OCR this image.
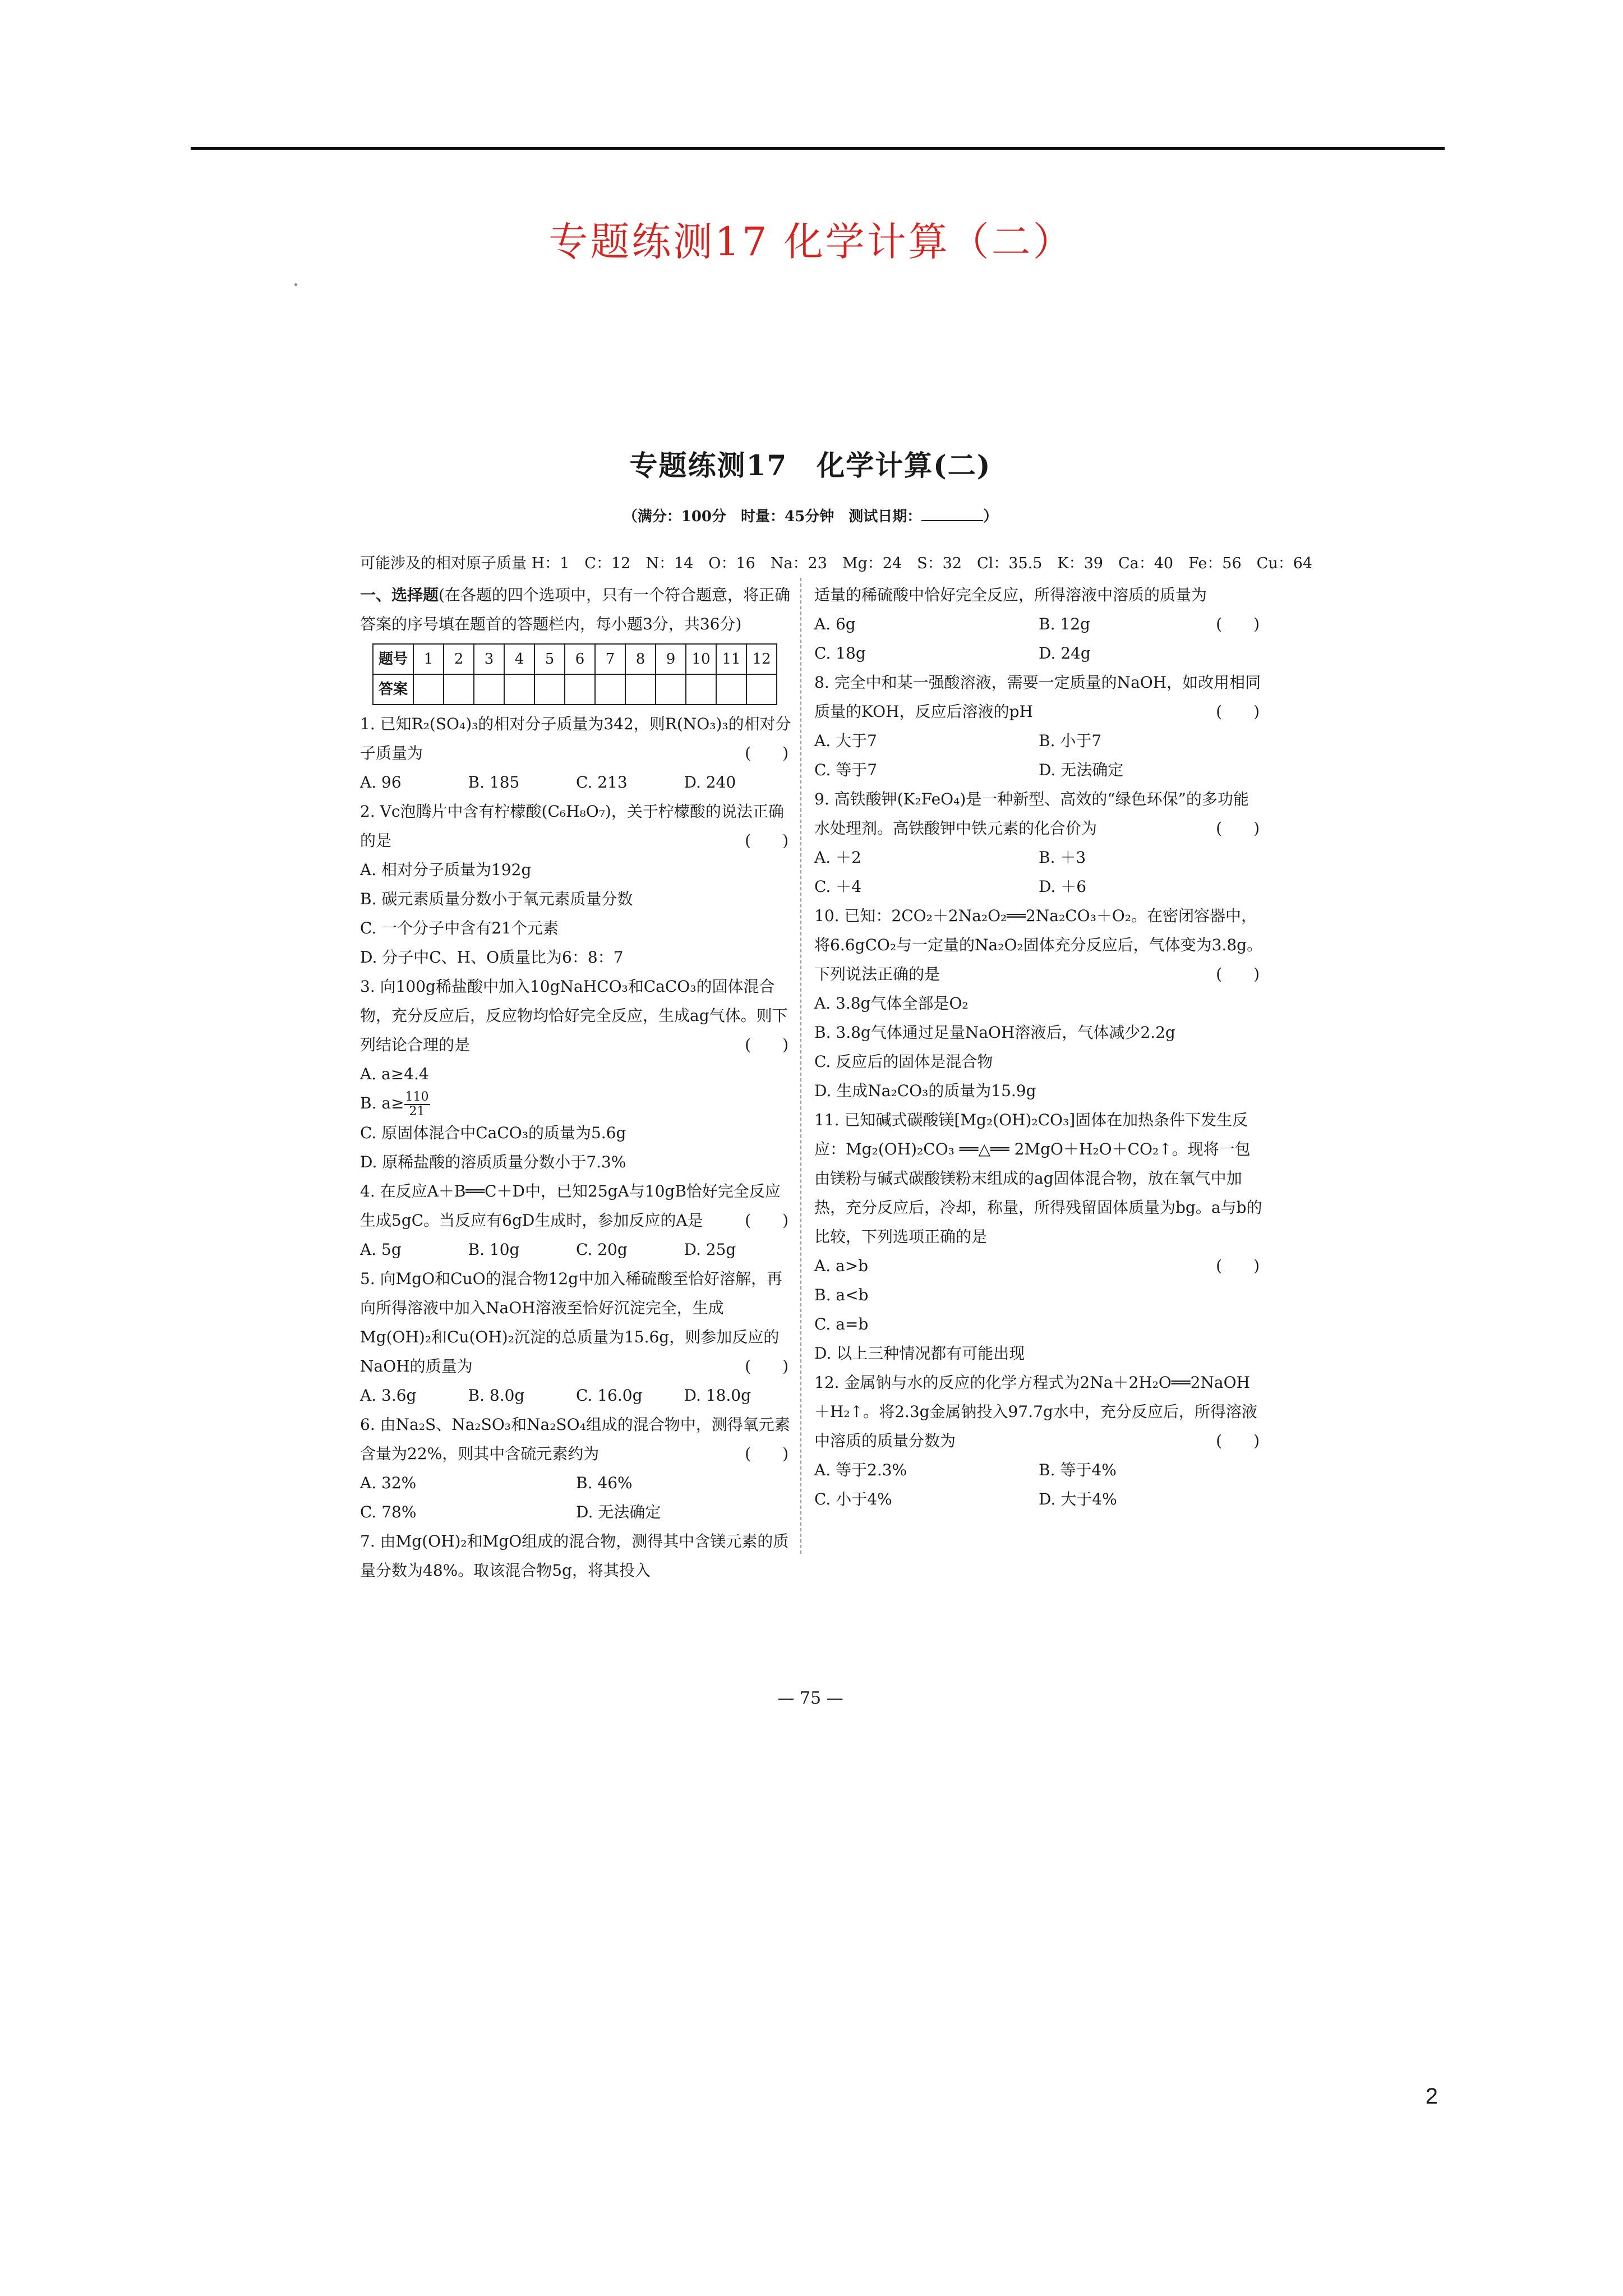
专题练测17 化学计算（二）
专题练测17　化学计算(二)
（满分：100分　时量：45分钟　测试日期：	）
可能涉及的相对原子质量 H：1　C：12　N：14　O：16　Na：23　Mg：24　S：32　Cl：35.5　K：39　Ca：40　Fe：56　Cu：64
一、选择题(在各题的四个选项中，只有一个符合题意，将正确答案的序号填在题首的答题栏内，每小题3分，共36分)
题号	1	2	3	4	5	6	7	8	9	10	11	12
答案												
1. 已知R₂(SO₄)₃的相对分子质量为342，则R(NO₃)₃的相对分子质量为	(　　)
A. 96	B. 185	C. 213	D. 240
2. Vc泡腾片中含有柠檬酸(C₆H₈O₇)，关于柠檬酸的说法正确的是	(　　)
A. 相对分子质量为192g
B. 碳元素质量分数小于氧元素质量分数
C. 一个分子中含有21个元素
D. 分子中C、H、O质量比为6：8：7
3. 向100g稀盐酸中加入10gNaHCO₃和CaCO₃的固体混合物，充分反应后，反应物均恰好完全反应，生成ag气体。则下列结论合理的是	(　　)
A. a≥4.4
B. $a\ge \frac{110}{21}$
C. 原固体混合中CaCO₃的质量为5.6g
D. 原稀盐酸的溶质质量分数小于7.3%
4. 在反应A＋B══C＋D中，已知25gA与10gB恰好完全反应生成5gC。当反应有6gD生成时，参加反应的A是	(　　)
A. 5g	B. 10g	C. 20g	D. 25g
5. 向MgO和CuO的混合物12g中加入稀硫酸至恰好溶解，再向所得溶液中加入NaOH溶液至恰好沉淀完全，生成Mg(OH)₂和Cu(OH)₂沉淀的总质量为15.6g，则参加反应的NaOH的质量为	(　　)
A. 3.6g	B. 8.0g	C. 16.0g	D. 18.0g
6. 由Na₂S、Na₂SO₃和Na₂SO₄组成的混合物中，测得氧元素含量为22%，则其中含硫元素约为	(　　)
A. 32%	B. 46%
C. 78%	D. 无法确定
7. 由Mg(OH)₂和MgO组成的混合物，测得其中含镁元素的质量分数为48%。取该混合物5g，将其投入
适量的稀硫酸中恰好完全反应，所得溶液中溶质的质量为
(　　)
A. 6g	B. 12g
C. 18g	D. 24g
8. 完全中和某一强酸溶液，需要一定质量的NaOH，如改用相同质量的KOH，反应后溶液的pH	(　　)
A. 大于7	B. 小于7
C. 等于7	D. 无法确定
9. 高铁酸钾(K₂FeO₄)是一种新型、高效的“绿色环保”的多功能水处理剂。高铁酸钾中铁元素的化合价为	(　　)
A. ＋2	B. ＋3
C. ＋4	D. ＋6
10. 已知：2CO₂＋2Na₂O₂══2Na₂CO₃＋O₂。在密闭容器中，将6.6gCO₂与一定量的Na₂O₂固体充分反应后，气体变为3.8g。下列说法正确的是	(　　)
A. 3.8g气体全部是O₂
B. 3.8g气体通过足量NaOH溶液后，气体减少2.2g
C. 反应后的固体是混合物
D. 生成Na₂CO₃的质量为15.9g
11. 已知碱式碳酸镁[Mg₂(OH)₂CO₃]固体在加热条件下发生反应：Mg₂(OH)₂CO₃ ══△══ 2MgO＋H₂O＋CO₂↑。现将一包由镁粉与碱式碳酸镁粉末组成的ag固体混合物，放在氧气中加热，充分反应后，冷却，称量，所得残留固体质量为bg。a与b的比较，下列选项正确的是
(　　)
A. a>b
B. a<b
C. a=b
D. 以上三种情况都有可能出现
12. 金属钠与水的反应的化学方程式为2Na＋2H₂O══2NaOH＋H₂↑。将2.3g金属钠投入97.7g水中，充分反应后，所得溶液中溶质的质量分数为	(　　)
A. 等于2.3%	B. 等于4%
C. 小于4%	D. 大于4%
— 75 —
2
